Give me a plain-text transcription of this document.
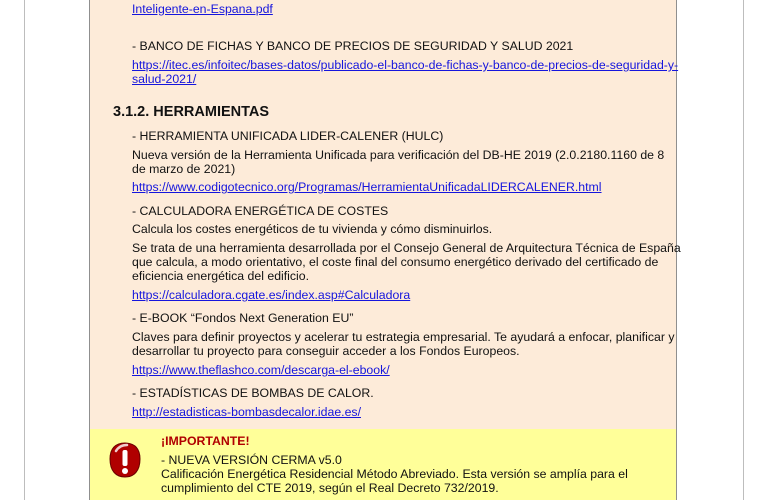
Inteligente-en-Espana.pdf
- BANCO DE FICHAS Y BANCO DE PRECIOS DE SEGURIDAD Y SALUD 2021
https://itec.es/infoitec/bases-datos/publicado-el-banco-de-fichas-y-banco-de-precios-de-seguridad-y-
salud-2021/
3.1.2. HERRAMIENTAS
- HERRAMIENTA UNIFICADA LIDER-CALENER (HULC)
Nueva versión de la Herramienta Unificada para verificación del DB-HE 2019 (2.0.2180.1160 de 8
de marzo de 2021)
https://www.codigotecnico.org/Programas/HerramientaUnificadaLIDERCALENER.html
- CALCULADORA ENERGÉTICA DE COSTES
Calcula los costes energéticos de tu vivienda y cómo disminuirlos.
Se trata de una herramienta desarrollada por el Consejo General de Arquitectura Técnica de España
que calcula, a modo orientativo, el coste final del consumo energético derivado del certificado de
eficiencia energética del edificio.
https://calculadora.cgate.es/index.asp#Calculadora
- E-BOOK “Fondos Next Generation EU”
Claves para definir proyectos y acelerar tu estrategia empresarial. Te ayudará a enfocar, planificar y
desarrollar tu proyecto para conseguir acceder a los Fondos Europeos.
https://www.theflashco.com/descarga-el-ebook/
- ESTADÍSTICAS DE BOMBAS DE CALOR.
http://estadisticas-bombasdecalor.idae.es/
¡IMPORTANTE!
- NUEVA VERSIÓN CERMA v5.0
Calificación Energética Residencial Método Abreviado. Esta versión se amplía para el
cumplimiento del CTE 2019, según el Real Decreto 732/2019.
